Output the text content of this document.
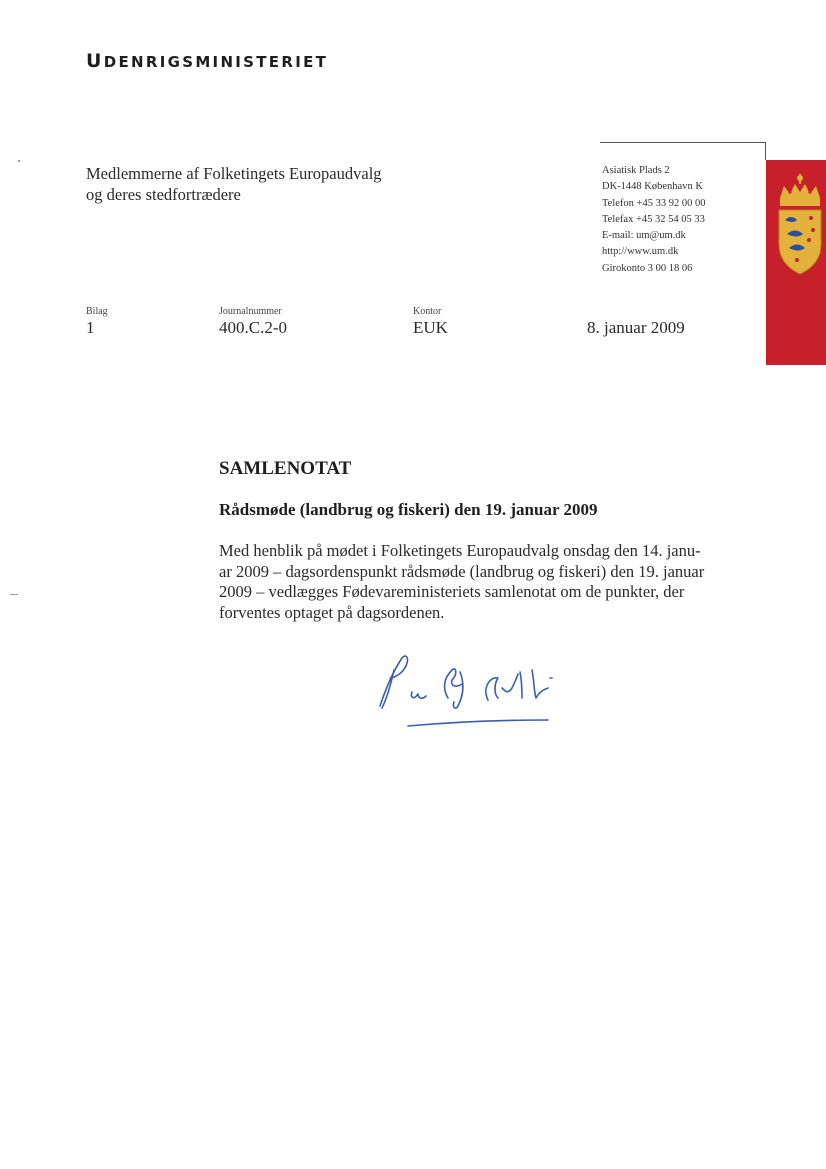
UDENRIGSMINISTERIET
Medlemmerne af Folketingets Europaudvalg
og deres stedfortrædere
Asiatisk Plads 2
DK-1448 København K
Telefon +45 33 92 00 00
Telefax +45 32 54 05 33
E-mail: um@um.dk
http://www.um.dk
Girokonto 3 00 18 06
Bilag
1
Journalnummer
400.C.2-0
Kontor
EUK	8. januar 2009
SAMLENOTAT
Rådsmøde (landbrug og fiskeri) den 19. januar 2009
Med henblik på mødet i Folketingets Europaudvalg onsdag den 14. janu-
ar 2009 – dagsordenspunkt rådsmøde (landbrug og fiskeri) den 19. januar
2009 – vedlægges Fødevareministeriets samlenotat om de punkter, der
forventes optaget på dagsordenen.
